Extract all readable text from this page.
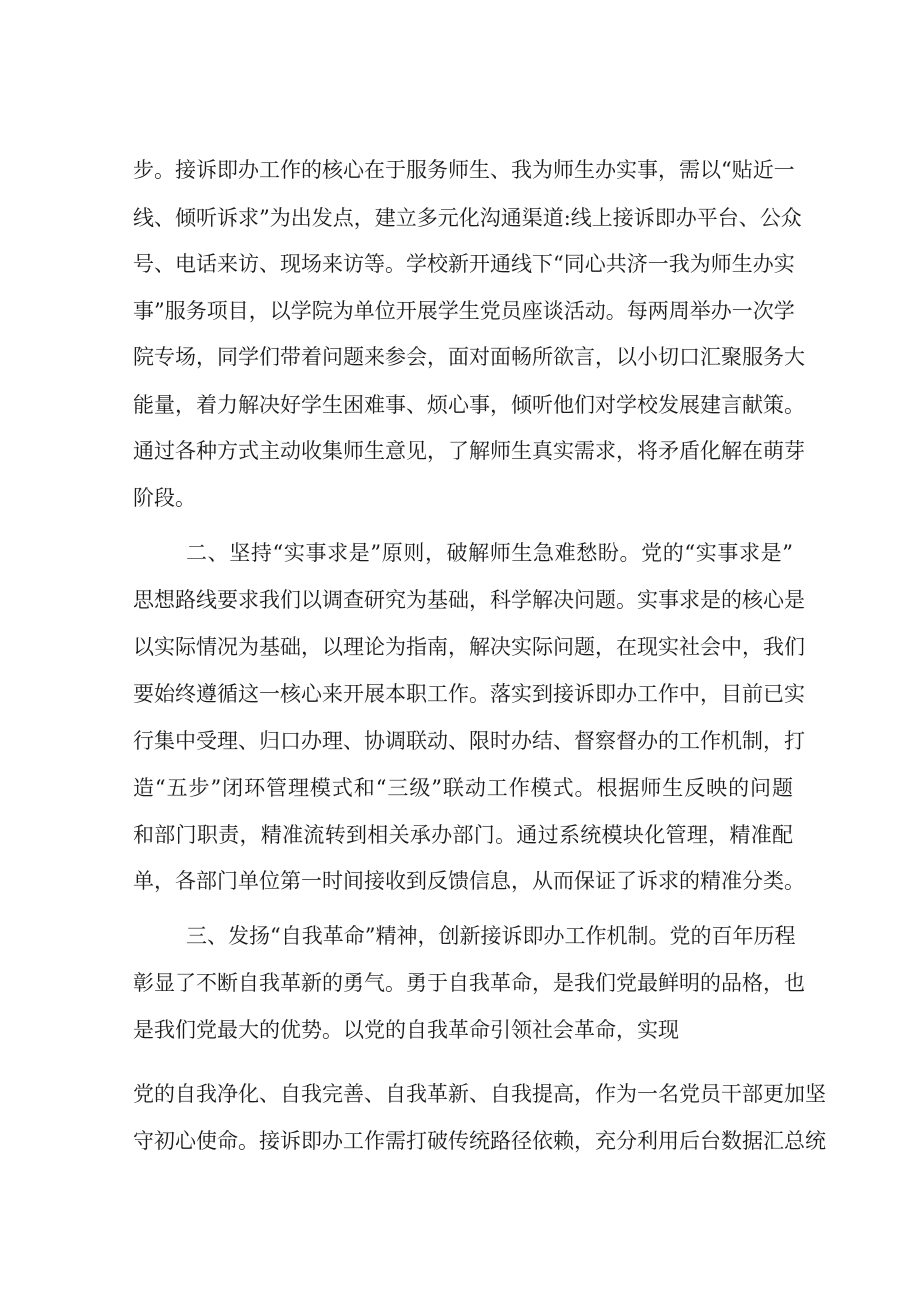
步。接诉即办工作的核心在于服务师生、我为师生办实事，需以“贴近一
线、倾听诉求”为出发点，建立多元化沟通渠道:线上接诉即办平台、公众
号、电话来访、现场来访等。学校新开通线下“同心共济一我为师生办实
事”服务项目，以学院为单位开展学生党员座谈活动。每两周举办一次学
院专场，同学们带着问题来参会，面对面畅所欲言，以小切口汇聚服务大
能量，着力解决好学生困难事、烦心事，倾听他们对学校发展建言献策。
通过各种方式主动收集师生意见，了解师生真实需求，将矛盾化解在萌芽
阶段。
二、坚持“实事求是”原则，破解师生急难愁盼。党的“实事求是”
思想路线要求我们以调查研究为基础，科学解决问题。实事求是的核心是
以实际情况为基础，以理论为指南，解决实际问题，在现实社会中，我们
要始终遵循这一核心来开展本职工作。落实到接诉即办工作中，目前已实
行集中受理、归口办理、协调联动、限时办结、督察督办的工作机制，打
造“五步”闭环管理模式和“三级”联动工作模式。根据师生反映的问题
和部门职责，精准流转到相关承办部门。通过系统模块化管理，精准配
单，各部门单位第一时间接收到反馈信息，从而保证了诉求的精准分类。
三、发扬“自我革命”精神，创新接诉即办工作机制。党的百年历程
彰显了不断自我革新的勇气。勇于自我革命，是我们党最鲜明的品格，也
是我们党最大的优势。以党的自我革命引领社会革命，实现
党的自我净化、自我完善、自我革新、自我提高，作为一名党员干部更加坚
守初心使命。接诉即办工作需打破传统路径依赖，充分利用后台数据汇总统
